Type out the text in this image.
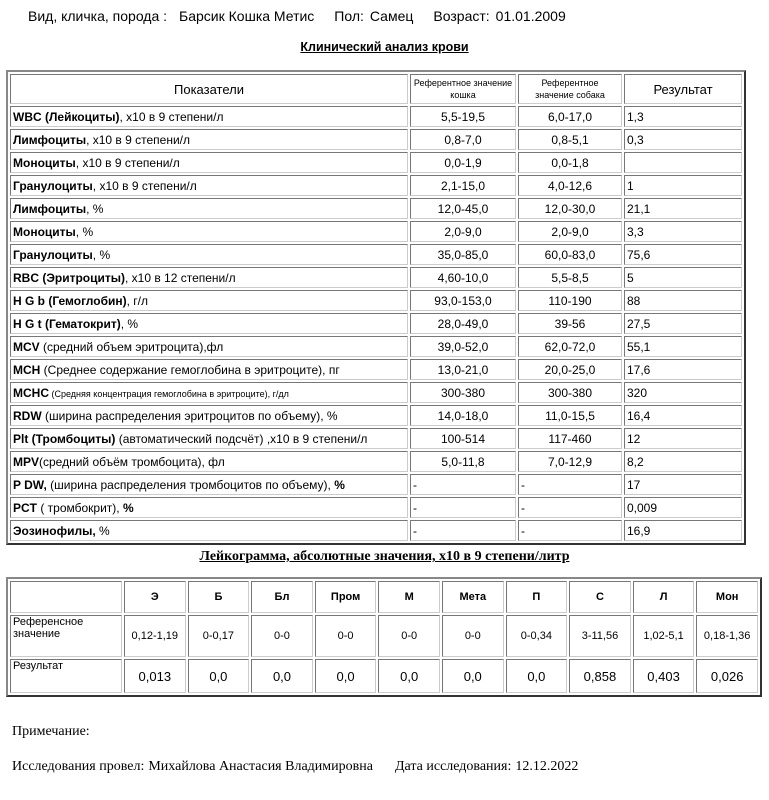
Вид, кличка, порода : Барсик Кошка Метис Пол: Самец Возраст: 01.01.2009
Клинический анализ крови
Показатели	Референтное значение кошка	Референтное значение собака	Результат
WBC (Лейкоциты), х10 в 9 степени/л	5,5-19,5	6,0-17,0	1,3
Лимфоциты, х10 в 9 степени/л	0,8-7,0	0,8-5,1	0,3
Моноциты, х10 в 9 степени/л	0,0-1,9	0,0-1,8	
Гранулоциты, х10 в 9 степени/л	2,1-15,0	4,0-12,6	1
Лимфоциты, %	12,0-45,0	12,0-30,0	21,1
Моноциты, %	2,0-9,0	2,0-9,0	3,3
Гранулоциты, %	35,0-85,0	60,0-83,0	75,6
RBC (Эритроциты), х10 в 12 степени/л	4,60-10,0	5,5-8,5	5
H G b (Гемоглобин), г/л	93,0-153,0	110-190	88
H G t (Гематокрит), %	28,0-49,0	39-56	27,5
MCV (средний объем эритроцита),фл	39,0-52,0	62,0-72,0	55,1
MCH (Среднее содержание гемоглобина в эритроците), пг	13,0-21,0	20,0-25,0	17,6
MCHC (Средняя концентрация гемоглобина в эритроците), г/дл	300-380	300-380	320
RDW (ширина распределения эритроцитов по объему), %	14,0-18,0	11,0-15,5	16,4
Plt (Тромбоциты) (автоматический подсчёт) ,х10 в 9 степени/л	100-514	117-460	12
MPV(средний объём тромбоцита), фл	5,0-11,8	7,0-12,9	8,2
P DW, (ширина распределения тромбоцитов по объему), %	-	-	17
PCT ( тромбокрит), %	-	-	0,009
Эозинофилы, %	-	-	16,9
Лейкограмма, абсолютные значения, х10 в 9 степени/литр
	Э	Б	Бл	Пром	М	Мета	П	С	Л	Мон
Референсное значение	0,12-1,19	0-0,17	0-0	0-0	0-0	0-0	0-0,34	3-11,56	1,02-5,1	0,18-1,36
Результат	0,013	0,0	0,0	0,0	0,0	0,0	0,0	0,858	0,403	0,026
Примечание:
Исследования провел: Михайлова Анастасия Владимировна Дата исследования: 12.12.2022
